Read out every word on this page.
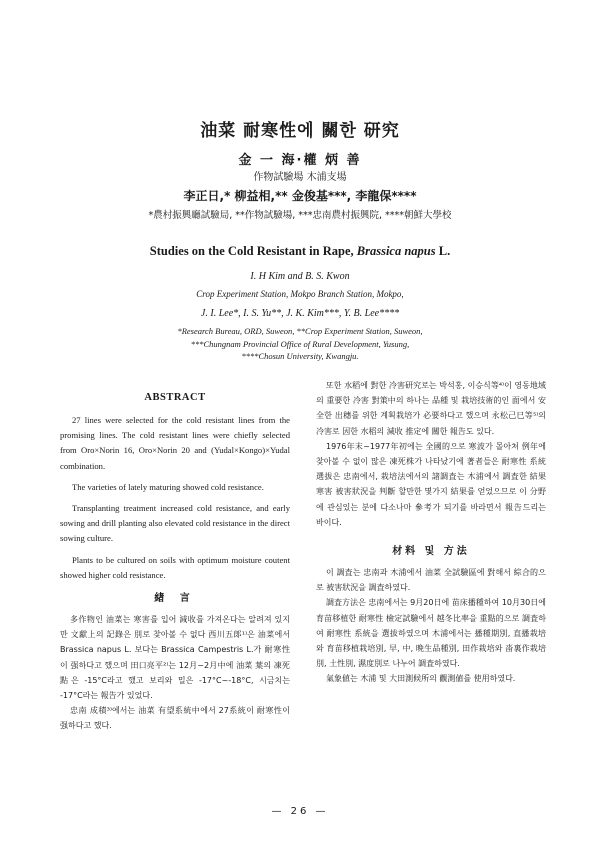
油菜 耐寒性에 關한 研究
金 一 海·權 炳 善
作物試驗場 木浦支場
李正日,* 柳益相,** 金俊基***, 李龍保****
*農村振興廳試驗局, **作物試驗場, ***忠南農村振興院, ****朝鮮大學校
Studies on the Cold Resistant in Rape, Brassica napus L.
I. H Kim and B. S. Kwon
Crop Experiment Station, Mokpo Branch Station, Mokpo,
J. I. Lee*, I. S. Yu**, J. K. Kim***, Y. B. Lee****
*Research Bureau, ORD, Suweon, **Crop Experiment Station, Suweon,
***Chungnam Provincial Office of Rural Development, Yusung,
****Chosun University, Kwangju.
ABSTRACT

27 lines were selected for the cold resistant lines from the promising lines. The cold resistant lines were chiefly selected from Oro×Norin 16, Oro×Norin 20 and (Yudal×Kongo)×Yudal combination.

The varieties of lately maturing showed cold resistance.

Transplanting treatment increased cold resistance, and early sowing and drill planting also elevated cold resistance in the direct sowing culture.

Plants to be cultured on soils with optimum moisture coutent showed higher cold resistance.

緖 言

多作物인 油菜는 寒害를 입어 減收를 가져온다는 알려져 있지만 文獻上의 記錄은 別로 찾아볼 수 없다 西川五郞¹⁾은 油菜에서 Brassica napus L. 보다는 Brassica Campestris L.가 耐寒性이 强하다고 했으며 田口亮平²⁾는 12月~2月中에 油菜 葉의 凍死點은 -15°C라고 했고 보리와 밀은 -17°C~-18°C, 시금치는 -17°C라는 報告가 있었다.

忠南 成積³⁾에서는 油菜 有望系統中에서 27系統이 耐寒性이 强하다고 했다.

또한 水稻에 對한 冷害研究로는 박석홍, 이승식等⁴⁾이 영동地域의 重要한 冷害 對策中의 하나는 品種 및 栽培技術的인 面에서 安全한 出穗를 위한 계획栽培가 必要하다고 했으며 永松己巳等⁵⁾의 冷害로 因한 水稻의 減收 推定에 關한 報告도 있다.

1976年末~1977年初에는 全國的으로 寒波가 몰아쳐 例年에 찾아볼 수 없이 많은 凍死株가 나타났기에 著者들은 耐寒性 系統選拔은 忠南에서, 栽培法에서의 諸調査는 木浦에서 調査한 結果 寒害 被害狀況을 判斷 할만한 몇가지 結果를 얻었으므로 이 分野에 관심있는 분에 다소나마 參考가 되기를 바라면서 報告드리는 바이다.

材料 및 方法

이 調査는 忠南과 木浦에서 油菜 全試驗區에 對해서 綜合的으로 被害狀況을 調査하였다.

調査方法은 忠南에서는 9月20日에 苗床播種하여 10月30日에 育苗移植한 耐寒性 檢定試驗에서 越冬比率을 重點的으로 調査하여 耐寒性 系統을 選拔하였으며 木浦에서는 播種期別, 直播栽培와 育苗移植栽培別, 早, 中, 晩生品種別, 田作栽培와 畓裏作栽培別, 土性別, 濕度別로 나누어 調査하였다.

氣象値는 木浦 및 大田測候所의 觀測値를 使用하였다.

— 26 —
